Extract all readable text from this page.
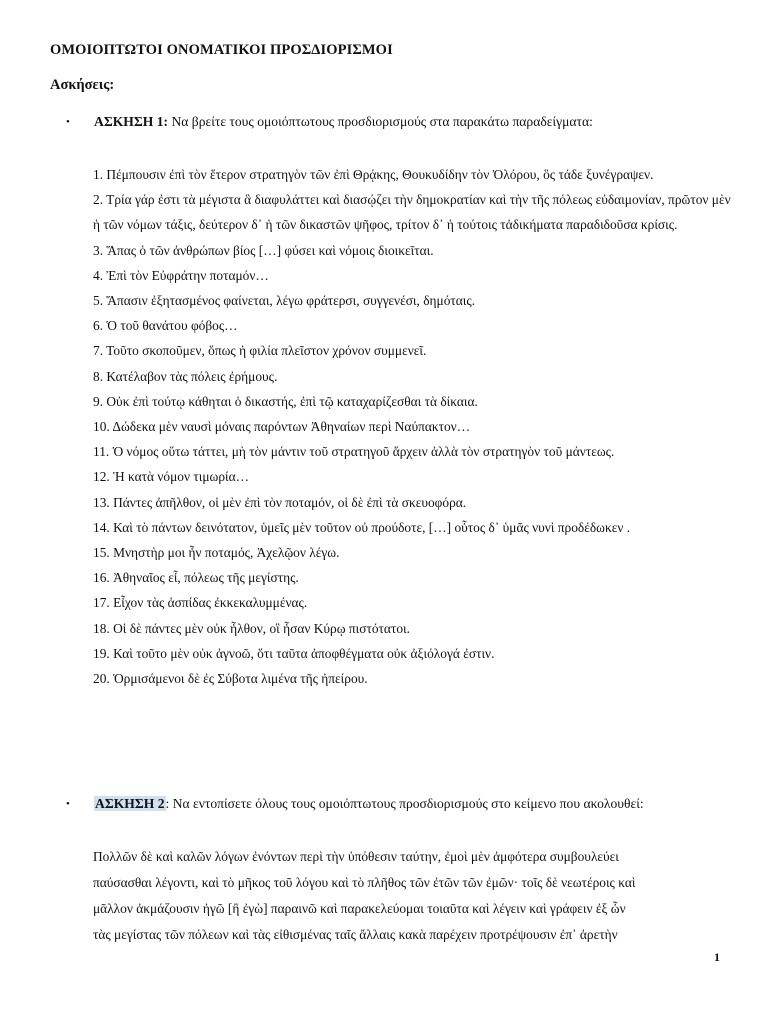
ΟΜΟΙΟΠΤΩΤΟΙ ΟΝΟΜΑΤΙΚΟΙ ΠΡΟΣΔΙΟΡΙΣΜΟΙ
Ασκήσεις:
• ΑΣΚΗΣΗ 1: Να βρείτε τους ομοιόπτωτους προσδιορισμούς στα παρακάτω παραδείγματα:
1. Πέμπουσιν ἐπὶ τὸν ἕτερον στρατηγὸν τῶν ἐπὶ Θρᾴκης, Θουκυδίδην τὸν Ὀλόρου, ὃς τάδε ξυνέγραψεν.
2. Τρία γάρ ἐστι τὰ μέγιστα ἃ διαφυλάττει καὶ διασῴζει τὴν δημοκρατίαν καὶ τὴν τῆς πόλεως εὐδαιμονίαν, πρῶτον μὲν ἡ τῶν νόμων τάξις, δεύτερον δ᾽ ἡ τῶν δικαστῶν ψῆφος, τρίτον δ᾽ ἡ τούτοις τἀδικήματα παραδιδοῦσα κρίσις.
3. Ἅπας ὁ τῶν ἀνθρώπων βίος […] φύσει καὶ νόμοις διοικεῖται.
4. Ἐπὶ τὸν Εὐφράτην ποταμόν…
5. Ἅπασιν ἐξητασμένος φαίνεται, λέγω φράτερσι, συγγενέσι, δημόταις.
6. Ὁ τοῦ θανάτου φόβος…
7. Τοῦτο σκοποῦμεν, ὅπως ἡ φιλία πλεῖστον χρόνον συμμενεῖ.
8. Κατέλαβον τὰς πόλεις ἐρήμους.
9. Οὐκ ἐπὶ τούτῳ κάθηται ὁ δικαστής, ἐπὶ τῷ καταχαρίζεσθαι τὰ δίκαια.
10. Δώδεκα μὲν ναυσὶ μόναις παρόντων Ἀθηναίων περὶ Ναύπακτον…
11. Ὁ νόμος οὕτω τάττει, μὴ τὸν μάντιν τοῦ στρατηγοῦ ἄρχειν ἀλλὰ τὸν στρατηγὸν τοῦ μάντεως.
12. Ἡ κατὰ νόμον τιμωρία…
13. Πάντες ἀπῆλθον, οἱ μὲν ἐπὶ τὸν ποταμόν, οἱ δὲ ἐπὶ τὰ σκευοφόρα.
14. Καὶ τὸ πάντων δεινότατον, ὑμεῖς μὲν τοῦτον οὐ προύδοτε, […] οὗτος δ᾽ ὑμᾶς νυνὶ προδέδωκεν .
15. Μνηστὴρ μοι ἦν ποταμός, Ἀχελῷον λέγω.
16. Ἀθηναῖος εἶ, πόλεως τῆς μεγίστης.
17. Εἶχον τὰς ἀσπίδας ἐκκεκαλυμμένας.
18. Οἱ δὲ πάντες μὲν οὐκ ἦλθον, οἳ ἦσαν Κύρῳ πιστότατοι.
19. Καὶ τοῦτο μὲν οὐκ ἀγνοῶ, ὅτι ταῦτα ἀποφθέγματα οὐκ ἀξιόλογά ἐστιν.
20. Ὁρμισάμενοι δὲ ἐς Σύβοτα λιμένα τῆς ἠπείρου.
• ΑΣΚΗΣΗ 2: Να εντοπίσετε όλους τους ομοιόπτωτους προσδιορισμούς στο κείμενο που ακολουθεί:
Πολλῶν δὲ καὶ καλῶν λόγων ἐνόντων περὶ τὴν ὑπόθεσιν ταύτην, ἐμοὶ μὲν ἀμφότερα συμβουλεύει
παύσασθαι λέγοντι, καὶ τὸ μῆκος τοῦ λόγου καὶ τὸ πλῆθος τῶν ἐτῶν τῶν ἐμῶν· τοῖς δὲ νεωτέροις καὶ
μᾶλλον ἀκμάζουσιν ἠγῶ [ἢ ἐγὼ] παραινῶ καὶ παρακελεύομαι τοιαῦτα καὶ λέγειν καὶ γράφειν ἐξ ὧν
τὰς μεγίστας τῶν πόλεων καὶ τὰς εἰθισμένας ταῖς ἄλλαις κακὰ παρέχειν προτρέψουσιν ἐπ᾽ ἀρετὴν
1
